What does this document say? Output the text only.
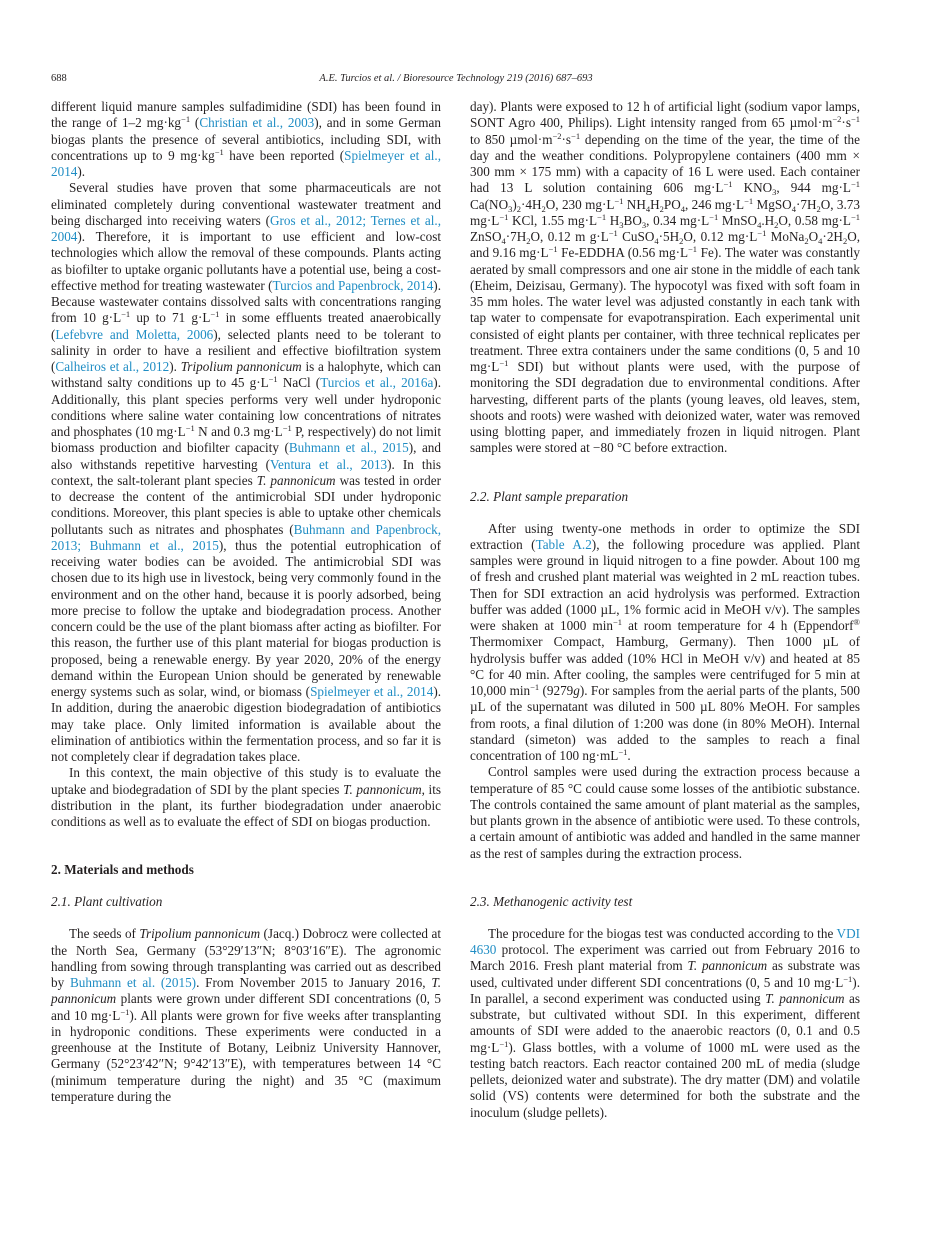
688	A.E. Turcios et al. / Bioresource Technology 219 (2016) 687–693

different liquid manure samples sulfadimidine (SDI) has been found in the range of 1–2 $mg\cdot kg^{-1}$ (Christian et al., 2003), and in some German biogas plants the presence of several antibiotics, including SDI, with concentrations up to 9 $mg\cdot kg^{-1}$ have been reported (Spielmeyer et al., 2014).

Several studies have proven that some pharmaceuticals are not eliminated completely during conventional wastewater treatment and being discharged into receiving waters (Gros et al., 2012; Ternes et al., 2004). Therefore, it is important to use efficient and low-cost technologies which allow the removal of these compounds. Plants acting as biofilter to uptake organic pollutants have a potential use, being a cost-effective method for treating wastewater (Turcios and Papenbrock, 2014). Because wastewater contains dissolved salts with concentrations ranging from 10 $g\cdot L^{-1}$ up to 71 $g\cdot L^{-1}$ in some effluents treated anaerobically (Lefebvre and Moletta, 2006), selected plants need to be tolerant to salinity in order to have a resilient and effective biofiltration system (Calheiros et al., 2012). Tripolium pannonicum is a halophyte, which can withstand salty conditions up to 45 $g\cdot L^{-1}$ NaCl (Turcios et al., 2016a). Additionally, this plant species performs very well under hydroponic conditions where saline water containing low concentrations of nitrates and phosphates (10 $mg\cdot L^{-1}$ N and 0.3 $mg\cdot L^{-1}$ P, respectively) do not limit biomass production and biofilter capacity (Buhmann et al., 2015), and also withstands repetitive harvesting (Ventura et al., 2013). In this context, the salt-tolerant plant species T. pannonicum was tested in order to decrease the content of the antimicrobial SDI under hydroponic conditions. Moreover, this plant species is able to uptake other chemicals pollutants such as nitrates and phosphates (Buhmann and Papenbrock, 2013; Buhmann et al., 2015), thus the potential eutrophication of receiving water bodies can be avoided. The antimicrobial SDI was chosen due to its high use in livestock, being very commonly found in the environment and on the other hand, because it is poorly adsorbed, being more precise to follow the uptake and biodegradation process. Another concern could be the use of the plant biomass after acting as biofilter. For this reason, the further use of this plant material for biogas production is proposed, being a renewable energy. By year 2020, 20% of the energy demand within the European Union should be generated by renewable energy systems such as solar, wind, or biomass (Spielmeyer et al., 2014). In addition, during the anaerobic digestion biodegradation of antibiotics may take place. Only limited information is available about the elimination of antibiotics within the fermentation process, and so far it is not completely clear if degradation takes place.

In this context, the main objective of this study is to evaluate the uptake and biodegradation of SDI by the plant species T. pannonicum, its distribution in the plant, its further biodegradation under anaerobic conditions as well as to evaluate the effect of SDI on biogas production.

2. Materials and methods
2.1. Plant cultivation

The seeds of Tripolium pannonicum (Jacq.) Dobrocz were collected at the North Sea, Germany (53°29′13″N; 8°03′16″E). The agronomic handling from sowing through transplanting was carried out as described by Buhmann et al. (2015). From November 2015 to January 2016, T. pannonicum plants were grown under different SDI concentrations (0, 5 and 10 $mg\cdot L^{-1}$). All plants were grown for five weeks after transplanting in hydroponic conditions. These experiments were conducted in a greenhouse at the Institute of Botany, Leibniz University Hannover, Germany (52°23′42″N; 9°42′13″E), with temperatures between 14 °C (minimum temperature during the night) and 35 °C (maximum temperature during the

day). Plants were exposed to 12 h of artificial light (sodium vapor lamps, SONT Agro 400, Philips). Light intensity ranged from 65 $\mu mol\cdot m^{-2}\cdot s^{-1}$ to 850 $\mu mol\cdot m^{-2}\cdot s^{-1}$ depending on the time of the year, the time of the day and the weather conditions. Polypropylene containers (400 mm × 300 mm × 175 mm) with a capacity of 16 L were used. Each container had 13 L solution containing 606 $mg\cdot L^{-1}$ $KNO_3$, 944 $mg\cdot L^{-1}$ $Ca(NO_3)_2\cdot 4H_2O$, 230 $mg\cdot L^{-1}$ $NH_4H_2PO_4$, 246 $mg\cdot L^{-1}$ $MgSO_4\cdot 7H_2O$, 3.73 $mg\cdot L^{-1}$ KCl, 1.55 $mg\cdot L^{-1}$ $H_3BO_3$, 0.34 $mg\cdot L^{-1}$ $MnSO_4.H_2O$, 0.58 $mg\cdot L^{-1}$ $ZnSO_4\cdot 7H_2O$, 0.12 m $g\cdot L^{-1}$ $CuSO_4\cdot 5H_2O$, 0.12 $mg\cdot L^{-1}$ $MoNa_2O_4\cdot 2H_2O$, and 9.16 $mg\cdot L^{-1}$ Fe-EDDHA (0.56 $mg\cdot L^{-1}$ Fe). The water was constantly aerated by small compressors and one air stone in the middle of each tank (Eheim, Deizisau, Germany). The hypocotyl was fixed with soft foam in 35 mm holes. The water level was adjusted constantly in each tank with tap water to compensate for evapotranspiration. Each experimental unit consisted of eight plants per container, with three technical replicates per treatment. Three extra containers under the same conditions (0, 5 and 10 $mg\cdot L^{-1}$ SDI) but without plants were used, with the purpose of monitoring the SDI degradation due to environmental conditions. After harvesting, different parts of the plants (young leaves, old leaves, stem, shoots and roots) were washed with deionized water, water was removed using blotting paper, and immediately frozen in liquid nitrogen. Plant samples were stored at −80 °C before extraction.

2.2. Plant sample preparation

After using twenty-one methods in order to optimize the SDI extraction (Table A.2), the following procedure was applied. Plant samples were ground in liquid nitrogen to a fine powder. About 100 mg of fresh and crushed plant material was weighted in 2 mL reaction tubes. Then for SDI extraction an acid hydrolysis was performed. Extraction buffer was added (1000 µL, 1% formic acid in MeOH v/v). The samples were shaken at 1000 $\min^{-1}$ at room temperature for 4 h (Eppendorf® Thermomixer Compact, Hamburg, Germany). Then 1000 µL of hydrolysis buffer was added (10% HCl in MeOH v/v) and heated at 85 °C for 40 min. After cooling, the samples were centrifuged for 5 min at 10,000 $\min^{-1} (9279g)$. For samples from the aerial parts of the plants, 500 µL of the supernatant was diluted in 500 µL 80% MeOH. For samples from roots, a final dilution of 1:200 was done (in 80% MeOH). Internal standard (simeton) was added to the samples to reach a final concentration of 100 $ng\cdot mL^{-1}$.

Control samples were used during the extraction process because a temperature of 85 °C could cause some losses of the antibiotic substance. The controls contained the same amount of plant material as the samples, but plants grown in the absence of antibiotic were used. To these controls, a certain amount of antibiotic was added and handled in the same manner as the rest of samples during the extraction process.

2.3. Methanogenic activity test

The procedure for the biogas test was conducted according to the VDI 4630 protocol. The experiment was carried out from February 2016 to March 2016. Fresh plant material from T. pannonicum as substrate was used, cultivated under different SDI concentrations (0, 5 and 10 $mg\cdot L^{-1}$). In parallel, a second experiment was conducted using T. pannonicum as substrate, but cultivated without SDI. In this experiment, different amounts of SDI were added to the anaerobic reactors (0, 0.1 and 0.5 $mg\cdot L^{-1}$). Glass bottles, with a volume of 1000 mL were used as the testing batch reactors. Each reactor contained 200 mL of media (sludge pellets, deionized water and substrate). The dry matter (DM) and volatile solid (VS) contents were determined for both the substrate and the inoculum (sludge pellets).
